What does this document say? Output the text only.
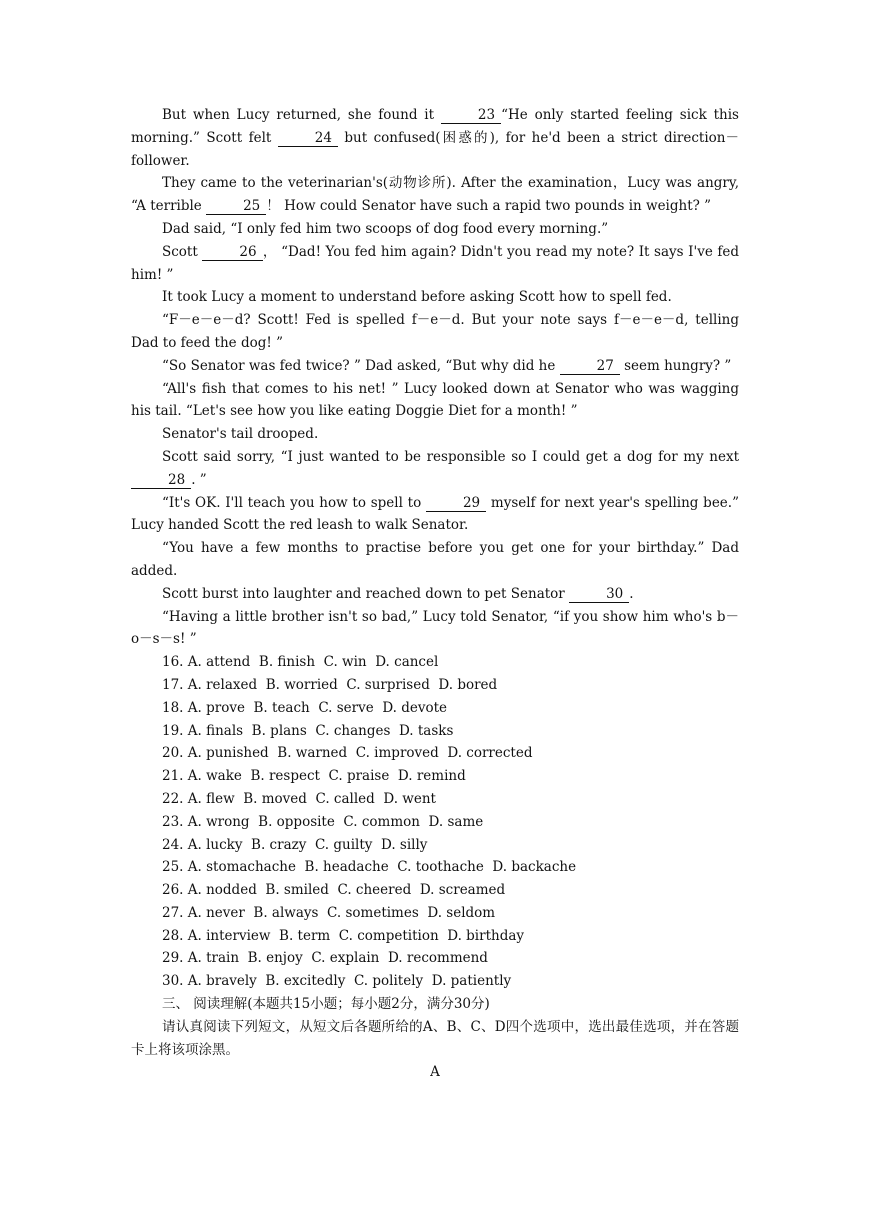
But when Lucy returned, she found it	23 “He only started feeling sick this morning.” Scott felt	24 but confused(困惑的), for he'd been a strict direction－follower.

They came to the veterinarian's(动物诊所). After the examination，Lucy was angry, “A terrible	25 ！ How could Senator have such a rapid two pounds in weight? ”

Dad said, “I only fed him two scoops of dog food every morning.”

Scott	26 ， “Dad! You fed him again? Didn't you read my note? It says I've fed him! ”

It took Lucy a moment to understand before asking Scott how to spell fed.

“F－e－e－d? Scott! Fed is spelled f－e－d. But your note says f－e－e－d, telling Dad to feed the dog! ”

“So Senator was fed twice? ” Dad asked, “But why did he	27 seem hungry? ”

“All's fish that comes to his net! ” Lucy looked down at Senator who was wagging his tail. “Let's see how you like eating Doggie Diet for a month! ”

Senator's tail drooped.

Scott said sorry, “I just wanted to be responsible so I could get a dog for my next 28 . ”

“It's OK. I'll teach you how to spell to	29 myself for next year's spelling bee.” Lucy handed Scott the red leash to walk Senator.

“You have a few months to practise before you get one for your birthday.” Dad added.

Scott burst into laughter and reached down to pet Senator	30 .

“Having a little brother isn't so bad,” Lucy told Senator, “if you show him who's b－o－s－s! ”

16. A. attend  B. finish  C. win  D. cancel

17. A. relaxed  B. worried  C. surprised  D. bored

18. A. prove  B. teach  C. serve  D. devote

19. A. finals  B. plans  C. changes  D. tasks

20. A. punished  B. warned  C. improved  D. corrected

21. A. wake  B. respect  C. praise  D. remind

22. A. flew  B. moved  C. called  D. went

23. A. wrong  B. opposite  C. common  D. same

24. A. lucky  B. crazy  C. guilty  D. silly

25. A. stomachache  B. headache  C. toothache  D. backache

26. A. nodded  B. smiled  C. cheered  D. screamed

27. A. never  B. always  C. sometimes  D. seldom

28. A. interview  B. term  C. competition  D. birthday

29. A. train  B. enjoy  C. explain  D. recommend

30. A. bravely  B. excitedly  C. politely  D. patiently

三、 阅读理解(本题共15小题；每小题2分，满分30分)

请认真阅读下列短文，从短文后各题所给的A、B、C、D四个选项中，选出最佳选项，并在答题卡上将该项涂黑。

A
